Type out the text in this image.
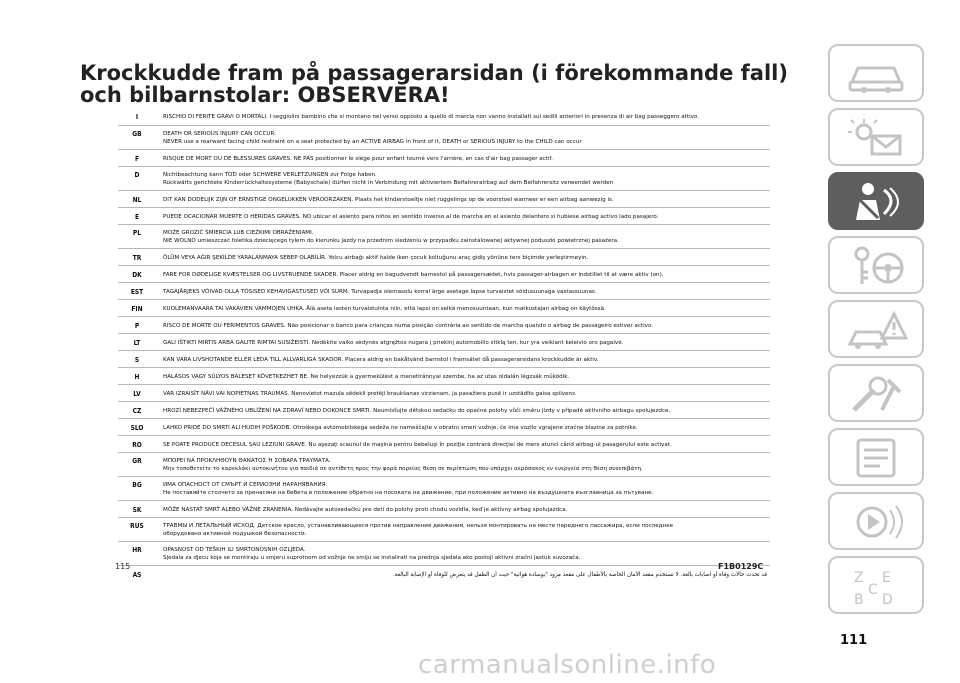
Krockkudde fram på passagerarsidan (i förekommande fall) och bilbarnstolar: OBSERVERA!
I	RISCHIO DI FERITE GRAVI O MORTALI. I seggiolini bambino che si montano nel verso opposto a quello di marcia non vanno installati sui sedili anteriori in presenza di air bag passeggero attivo.
GB	DEATH OR SERIOUS INJURY CAN OCCUR.
NEVER use a rearward facing child restraint on a seat protected by an ACTIVE AIRBAG in front of it, DEATH or SERIOUS INJURY to the CHILD can occur
F	RISQUE DE MORT OU DE BLESSURES GRAVES. NE PAS positionner le siège pour enfant tourné vers l'arrière, en cas d'air bag passager actif.
D	Nichtbeachtung kann TOD oder SCHWERE VERLETZUNGEN zur Folge haben.
Rückwärts gerichtete Kinderrückhaltesysteme (Babyschale) dürfen nicht in Verbindung mit aktiviertem Beifahrerairbag auf dem Beifahrersitz verwendet werden
NL	DIT KAN DODELIJK ZIJN OF ERNSTIGE ONGELUKKEN VEROORZAKEN. Plaats het kinderstoeltje niet ruggelings op de voorstoel wanneer er een airbag aanwezig is.
E	PUEDE OCACIONAR MUERTE O HERIDAS GRAVES. NO ubicar el asiento para niños en sentido inverso al de marcha en el asiento delantero si hubiese airbag activo lado pasajero.
PL	MOŻE GROZIĆ ŚMIERCIA LUB CIEŻKIMI OBRAŻENIAMI.
NIE WOLNO umieszczać foletika dziecięcego tylem do kierunku jazdy na przednim siedzeniu w przypadku zainstalowanej aktywnej poduszki powietrznej pasażera.
TR	ÖLÜM VEYA AĞIR ŞEKİLDE YARALANMAYA SEBEP OLABİLİR. Yolcu airbağı aktif halde iken çocuk koltuğunu araç gidiş yönüne ters biçimde yerleştirmeyin.
DK	FARE FOR DØDELIGE KVÆSTELSER OG LIVSTRUENDE SKADER. Placer aldrig en bagudvendt barnestol på passagersædet, hvis passager-airbagen er indstillet til at være aktiv (on).
EST	TAGAJÄRJEKS VÕIVAD OLLA TÕSISED KEHAVIGASTUSED VÕI SURM. Turvapadja olemasolu korral ärge asetage lapse turvaistet sõidusuunaga vastassuunas.
FIN	KUOLEMANVAARA TAI VAKAVIEN VAMMOJEN UHKA. Älä aseta lasten turvaistuinta niin, että lapsi on selkä menosuuntaan, kun matkustajan airbag on käytössä.
P	RISCO DE MORTE OU FERIMENTOS GRAVES. Não posicionar o banco para crianças numa posição contrária ao sentido de marcha quando o airbag de passageiro estiver activo.
LT	GALI IŠTIKTI MIRTIS ARBA GALITE RIMTAI SUSIŽEISTI. Nedėkite vaiko sėdynės atgręžtos nugara į priekinį automobilio stiklą ten, kur yra veikiant keleivio oro pagalvė.
S	KAN VARA LIVSHOTANDE ELLER LEDA TILL ALLVARLIGA SKADOR. Placera aldrig en bakåtvänd barnstol i framsätet då passagerarsidans krockkudde är aktiv.
H	HALÁSOS VAGY SÚLYOS BALESET KÖVETKEZHET BE. Ne helyezzük a gyermekülést a menetiránnyal szembe, ha az utas oldalán légzsák működik.
LV	VAR IZRAISĪT NĀVI VAI NOPIETNAS TRAUMAS. Nenovietot mazuļa sēdekli pretēji braukšanas virzienam, ja pasažiera pusē ir uzstādīts gaisa spilvens.
CZ	HROZÍ NEBEZPEČÍ VÁŽNÉHO UBLÍŽENÍ NA ZDRAVÍ NEBO DOKONCE SMRTI. Neumísťujte dětskou sedačku do opačné polohy vůči směru jízdy v případě aktivního airbagu spolujezdce.
SLO	LAHKO PRIDE DO SMRTI ALI HUDIH POŠKODB. Otroškega avtomobilskega sedeža ne nameščajte v obratni smeri vožnje, če ima vozilo vgrajene zračne blazine za potnike.
RO	SE POATE PRODUCE DECESUL SAU LEZIUNI GRAVE. Nu aşezaţi scaunul de maşină pentru bebeluşi în poziţie contrară direcţiei de mers atunci când airbag-ul pasagerului este activat.
GR	ΜΠΟΡΕΙ ΝΑ ΠΡΟΚΛΗΘΟΥΝ ΘΑΝΑΤΟΣ Ή ΣΟΒΑΡΑ ΤΡΑΥΜΑΤΑ.
Μην τοποθετείτε το καρεκλάκι αυτοκινήτου για παιδιά σε αντίθετη προς την φορά πορείας θέση σε περίπτωση που υπάρχει αερόσακος εν ενεργεία στη θέση συνεπιβάτη.
BG	ИМА ОПАСНОСТ ОТ СМЪРТ И СЕРИОЗНИ НАРАНЯВАНИЯ.
Не поставяйте столчето за пренасяне на бебета в положение обратно на посоката на движение, при положение активно на въздушната възглавница за пътуване.
SK	MÔŽE NASTAŤ SMRŤ ALEBO VÁŽNE ZRANENIA. Nedávajte autosedačku pre deti do polohy proti chodu vozidla, keď je aktívny airbag spolujazdca.
RUS	ТРАВМЫ И ЛЕТАЛЬНЫЙ ИСХОД. Детское кресло, устанавливающееся против направления движения, нельзя монтировать на месте переднего пассажира, если последнее
оборудовано активной подушкой безопасности.
HR	OPASNOST OD TEŠKIH ILI SMRTONOSNIH OZLJEDA.
Sjedala za djecu koja se montiraju u smjeru suprotnom od vožnje ne smiju se instalirati na prednja sjedala ako postoji aktivni zračni jastuk suvozača.
AS	قد تحدث حالات وفاة أو اصابات بالغة. لا تستخدم مقعد الأمان الخاصة بالأطفال على مقعد مزود "بوسادة هوائية" حيث أن الطفل قد يتعرض للوفاة أو الإصابة البالغة.
115	F1B0129C
111
carmanualsonline.info
Z E
B D
C
